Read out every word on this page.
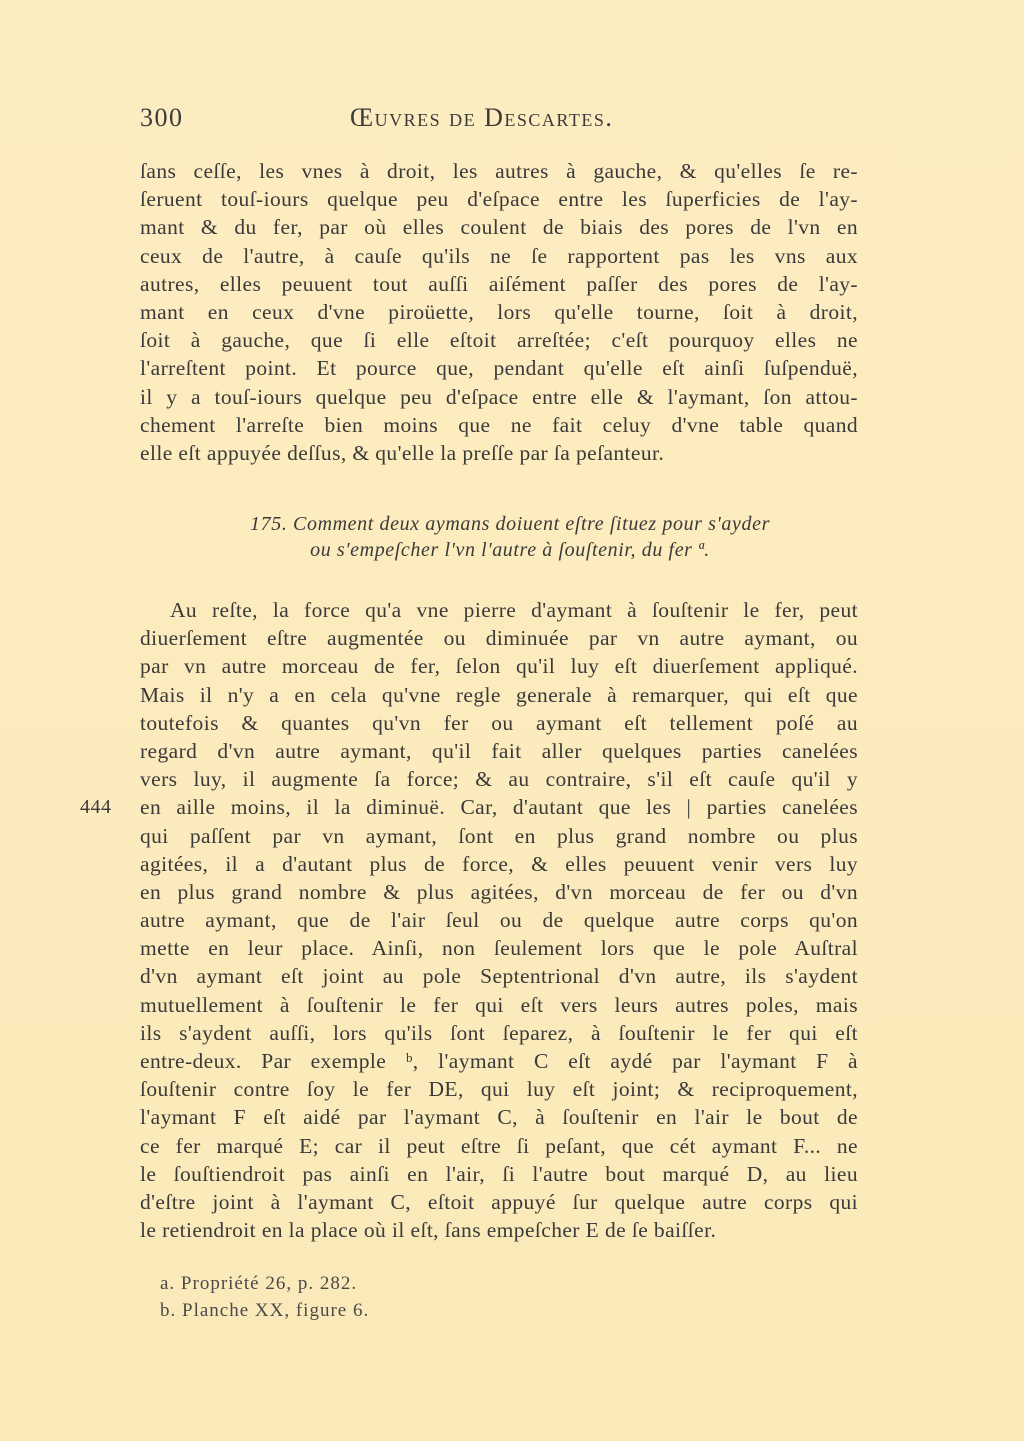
300	Œuvres de Descartes.
ſans ceſſe, les vnes à droit, les autres à gauche, & qu'elles ſe re-
ſeruent touſ-iours quelque peu d'eſpace entre les ſuperficies de l'ay-
mant & du fer, par où elles coulent de biais des pores de l'vn en
ceux de l'autre, à cauſe qu'ils ne ſe rapportent pas les vns aux
autres, elles peuuent tout auſſi aiſément paſſer des pores de l'ay-
mant en ceux d'vne piroüette, lors qu'elle tourne, ſoit à droit,
ſoit à gauche, que ſi elle eſtoit arreſtée; c'eſt pourquoy elles ne
l'arreſtent point. Et pource que, pendant qu'elle eſt ainſi ſuſpenduë,
il y a touſ-iours quelque peu d'eſpace entre elle & l'aymant, ſon attou-
chement l'arreſte bien moins que ne fait celuy d'vne table quand
elle eſt appuyée deſſus, & qu'elle la preſſe par ſa peſanteur.
175. Comment deux aymans doiuent eſtre ſituez pour s'ayder
ou s'empeſcher l'vn l'autre à ſouſtenir, du fer ª.
444
Au reſte, la force qu'a vne pierre d'aymant à ſouſtenir le fer, peut
diuerſement eſtre augmentée ou diminuée par vn autre aymant, ou
par vn autre morceau de fer, ſelon qu'il luy eſt diuerſement appliqué.
Mais il n'y a en cela qu'vne regle generale à remarquer, qui eſt que
toutefois & quantes qu'vn fer ou aymant eſt tellement poſé au
regard d'vn autre aymant, qu'il fait aller quelques parties canelées
vers luy, il augmente ſa force; & au contraire, s'il eſt cauſe qu'il y
en aille moins, il la diminuë. Car, d'autant que les | parties canelées
qui paſſent par vn aymant, ſont en plus grand nombre ou plus
agitées, il a d'autant plus de force, & elles peuuent venir vers luy
en plus grand nombre & plus agitées, d'vn morceau de fer ou d'vn
autre aymant, que de l'air ſeul ou de quelque autre corps qu'on
mette en leur place. Ainſi, non ſeulement lors que le pole Auſtral
d'vn aymant eſt joint au pole Septentrional d'vn autre, ils s'aydent
mutuellement à ſouſtenir le fer qui eſt vers leurs autres poles, mais
ils s'aydent auſſi, lors qu'ils ſont ſeparez, à ſouſtenir le fer qui eſt
entre-deux. Par exemple ᵇ, l'aymant C eſt aydé par l'aymant F à
ſouſtenir contre ſoy le fer DE, qui luy eſt joint; & reciproquement,
l'aymant F eſt aidé par l'aymant C, à ſouſtenir en l'air le bout de
ce fer marqué E; car il peut eſtre ſi peſant, que cét aymant F... ne
le ſouſtiendroit pas ainſi en l'air, ſi l'autre bout marqué D, au lieu
d'eſtre joint à l'aymant C, eſtoit appuyé ſur quelque autre corps qui
le retiendroit en la place où il eſt, ſans empeſcher E de ſe baiſſer.
a. Propriété 26, p. 282.
b. Planche XX, figure 6.
